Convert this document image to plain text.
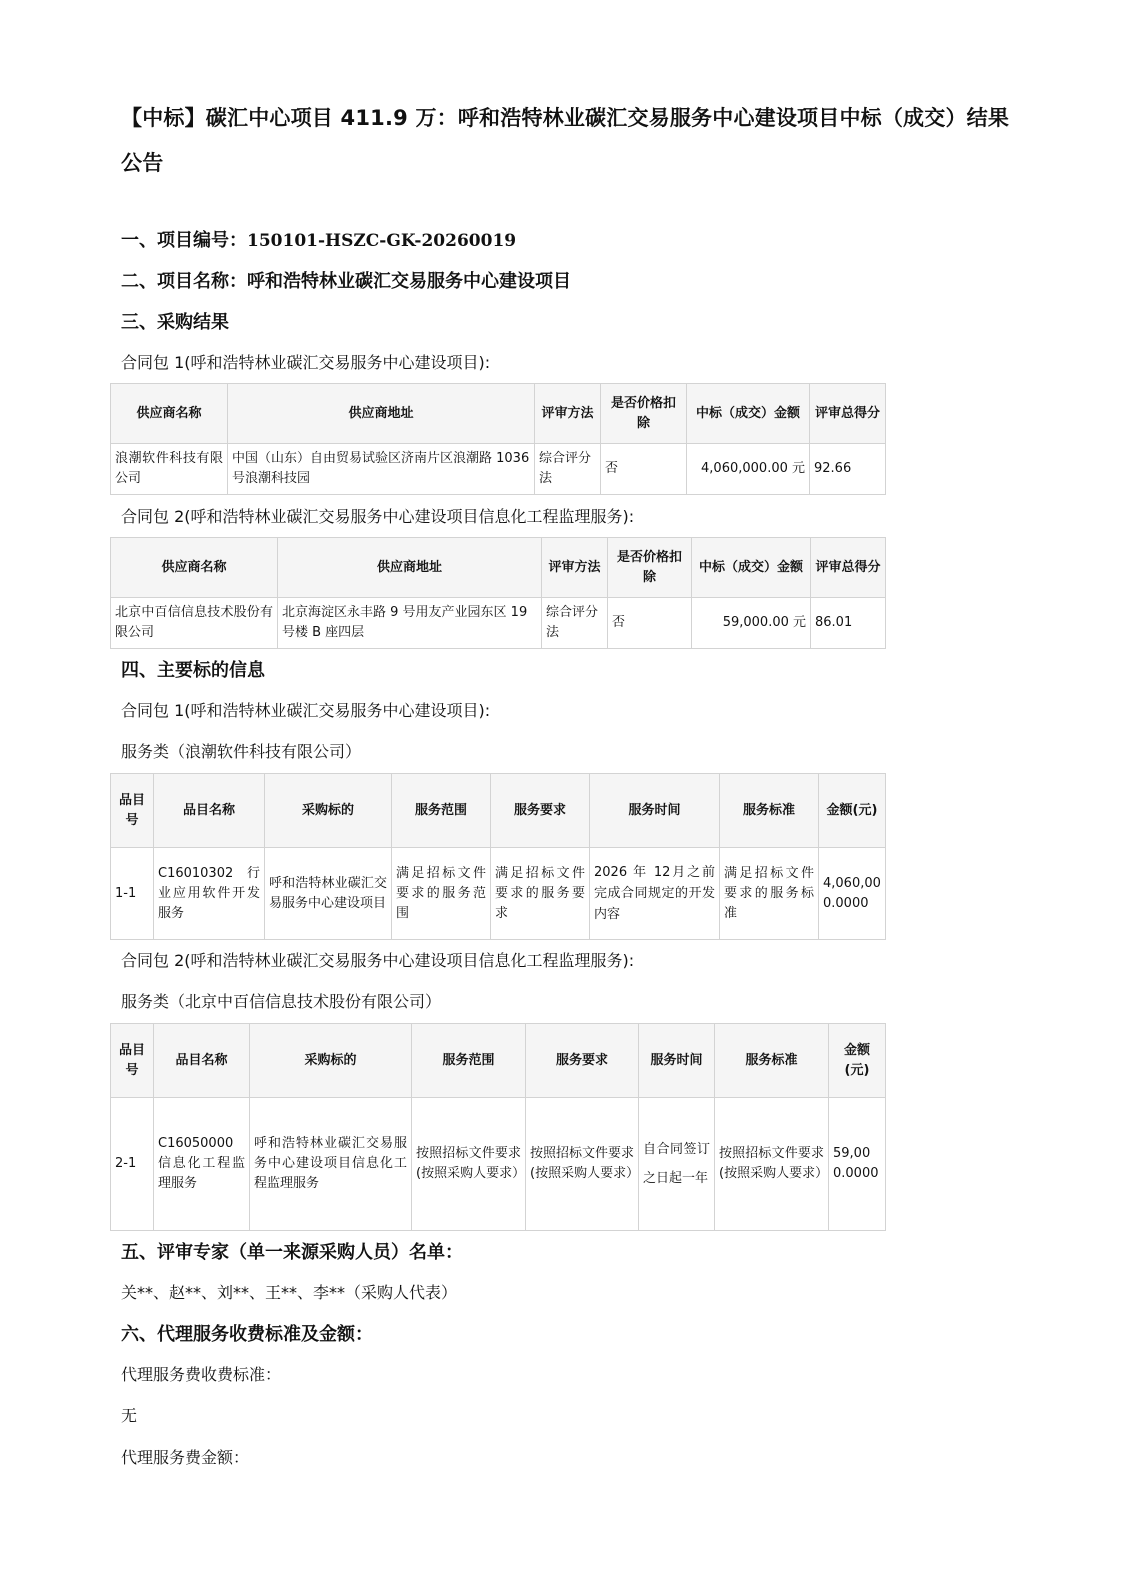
【中标】碳汇中心项目 411.9 万：呼和浩特林业碳汇交易服务中心建设项目中标（成交）结果公告
一、项目编号：150101-HSZC-GK-20260019
二、项目名称：呼和浩特林业碳汇交易服务中心建设项目
三、采购结果
合同包 1(呼和浩特林业碳汇交易服务中心建设项目):
供应商名称	供应商地址	评审方法	是否价格扣除	中标（成交）金额	评审总得分
浪潮软件科技有限公司	中国（山东）自由贸易试验区济南片区浪潮路 1036 号浪潮科技园	综合评分法	否	4,060,000.00 元	92.66
合同包 2(呼和浩特林业碳汇交易服务中心建设项目信息化工程监理服务):
供应商名称	供应商地址	评审方法	是否价格扣除	中标（成交）金额	评审总得分
北京中百信信息技术股份有限公司	北京海淀区永丰路 9 号用友产业园东区 19 号楼 B 座四层	综合评分法	否	59,000.00 元	86.01
四、主要标的信息
合同包 1(呼和浩特林业碳汇交易服务中心建设项目):
服务类（浪潮软件科技有限公司）
品目号	品目名称	采购标的	服务范围	服务要求	服务时间	服务标准	金额(元)
1-1	C16010302 行业应用软件开发服务	呼和浩特林业碳汇交易服务中心建设项目	满足招标文件要求的服务范围	满足招标文件要求的服务要求	2026 年 12月之前完成合同规定的开发内容	满足招标文件要求的服务标准	4,060,000.0000
合同包 2(呼和浩特林业碳汇交易服务中心建设项目信息化工程监理服务):
服务类（北京中百信信息技术股份有限公司）
品目号	品目名称	采购标的	服务范围	服务要求	服务时间	服务标准	金额(元)
2-1	C16050000 信息化工程监理服务	呼和浩特林业碳汇交易服务中心建设项目信息化工程监理服务	按照招标文件要求(按照采购人要求）	按照招标文件要求(按照采购人要求）	自合同签订之日起一年	按照招标文件要求(按照采购人要求）	59,000.0000
五、评审专家（单一来源采购人员）名单：
关**、赵**、刘**、王**、李**（采购人代表）
六、代理服务收费标准及金额：
代理服务费收费标准：
无
代理服务费金额：
